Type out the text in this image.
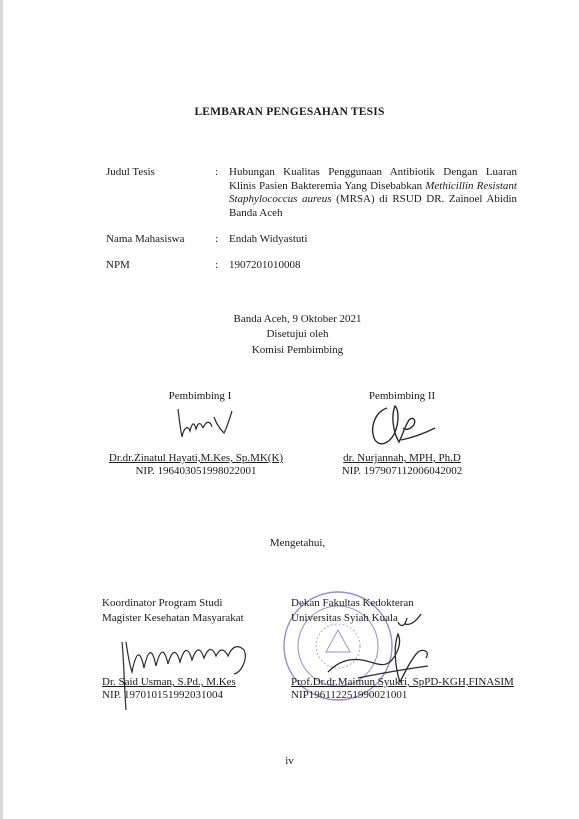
LEMBARAN PENGESAHAN TESIS
Judul Tesis	: Hubungan Kualitas Penggunaan Antibiotik Dengan Luaran Klinis Pasien Bakteremia Yang Disebabkan Methicillin Resistant Staphylococcus aureus (MRSA) di RSUD DR. Zainoel Abidin Banda Aceh
Nama Mahasiswa	: Endah Widyastuti
NPM	: 1907201010008
Banda Aceh, 9 Oktober 2021
Disetujui oleh
Komisi Pembimbing
Pembimbing I
Dr.dr.Zinatul Hayati,M.Kes, Sp.MK(K)
NIP. 196403051998022001
Pembimbing II
dr. Nurjannah, MPH, Ph.D
NIP. 197907112006042002
Mengetahui,
Koordinator Program Studi
Magister Kesehatan Masyarakat
Dr. Said Usman, S.Pd., M.Kes
NIP. 197010151992031004
Dekan Fakultas Kedokteran
Universitas Syiah Kuala
Prof.Dr.dr.Maimun Syukri, SpPD-KGH,FINASIM
NIP196112251990021001
iv
